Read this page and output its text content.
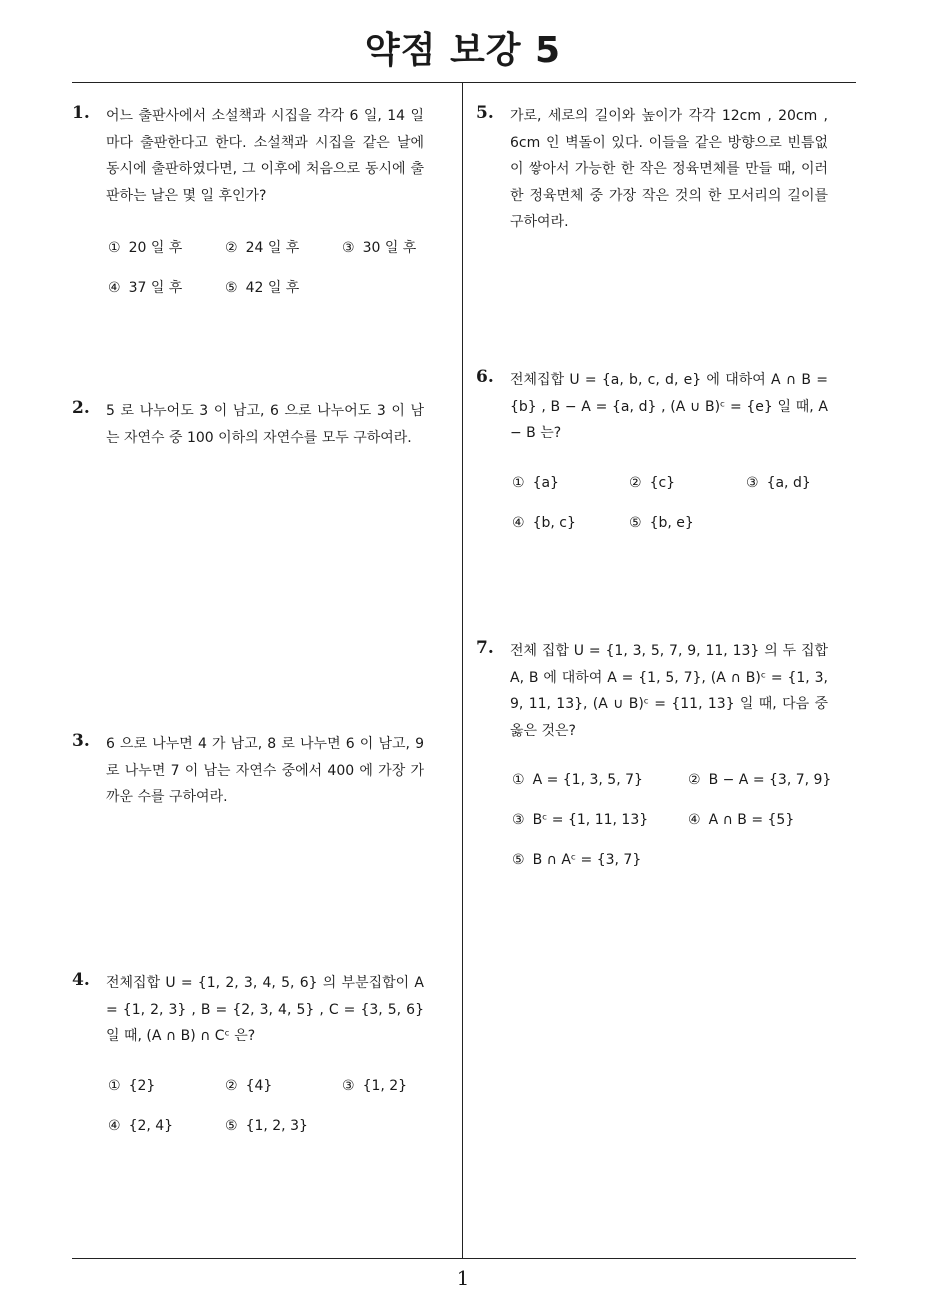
약점 보강 5
1. 어느 출판사에서 소설책과 시집을 각각 6 일, 14 일마다 출판한다고 한다. 소설책과 시집을 같은 날에 동시에 출판하였다면, 그 이후에 처음으로 동시에 출판하는 날은 몇 일 후인가?
① 20 일 후	② 24 일 후	③ 30 일 후
④ 37 일 후	⑤ 42 일 후
2. 5 로 나누어도 3 이 남고, 6 으로 나누어도 3 이 남는 자연수 중 100 이하의 자연수를 모두 구하여라.
3. 6 으로 나누면 4 가 남고, 8 로 나누면 6 이 남고, 9 로 나누면 7 이 남는 자연수 중에서 400 에 가장 가까운 수를 구하여라.
4. 전체집합 U = {1, 2, 3, 4, 5, 6} 의 부분집합이 A = {1, 2, 3} , B = {2, 3, 4, 5} , C = {3, 5, 6} 일 때, (A ∩ B) ∩ Cᶜ 은?
① {2}	② {4}	③ {1, 2}
④ {2, 4}	⑤ {1, 2, 3}
5. 가로, 세로의 길이와 높이가 각각 12cm , 20cm , 6cm 인 벽돌이 있다. 이들을 같은 방향으로 빈틈없이 쌓아서 가능한 한 작은 정육면체를 만들 때, 이러한 정육면체 중 가장 작은 것의 한 모서리의 길이를 구하여라.
6. 전체집합 U = {a, b, c, d, e} 에 대하여 A ∩ B = {b} , B − A = {a, d} , (A ∪ B)ᶜ = {e} 일 때, A − B 는?
① {a}	② {c}	③ {a, d}
④ {b, c}	⑤ {b, e}
7. 전체 집합 U = {1, 3, 5, 7, 9, 11, 13} 의 두 집합 A, B 에 대하여 A = {1, 5, 7}, (A ∩ B)ᶜ = {1, 3, 9, 11, 13}, (A ∪ B)ᶜ = {11, 13} 일 때, 다음 중 옳은 것은?
① A = {1, 3, 5, 7}	② B − A = {3, 7, 9}
③ Bᶜ = {1, 11, 13}	④ A ∩ B = {5}
⑤ B ∩ Aᶜ = {3, 7}
1
